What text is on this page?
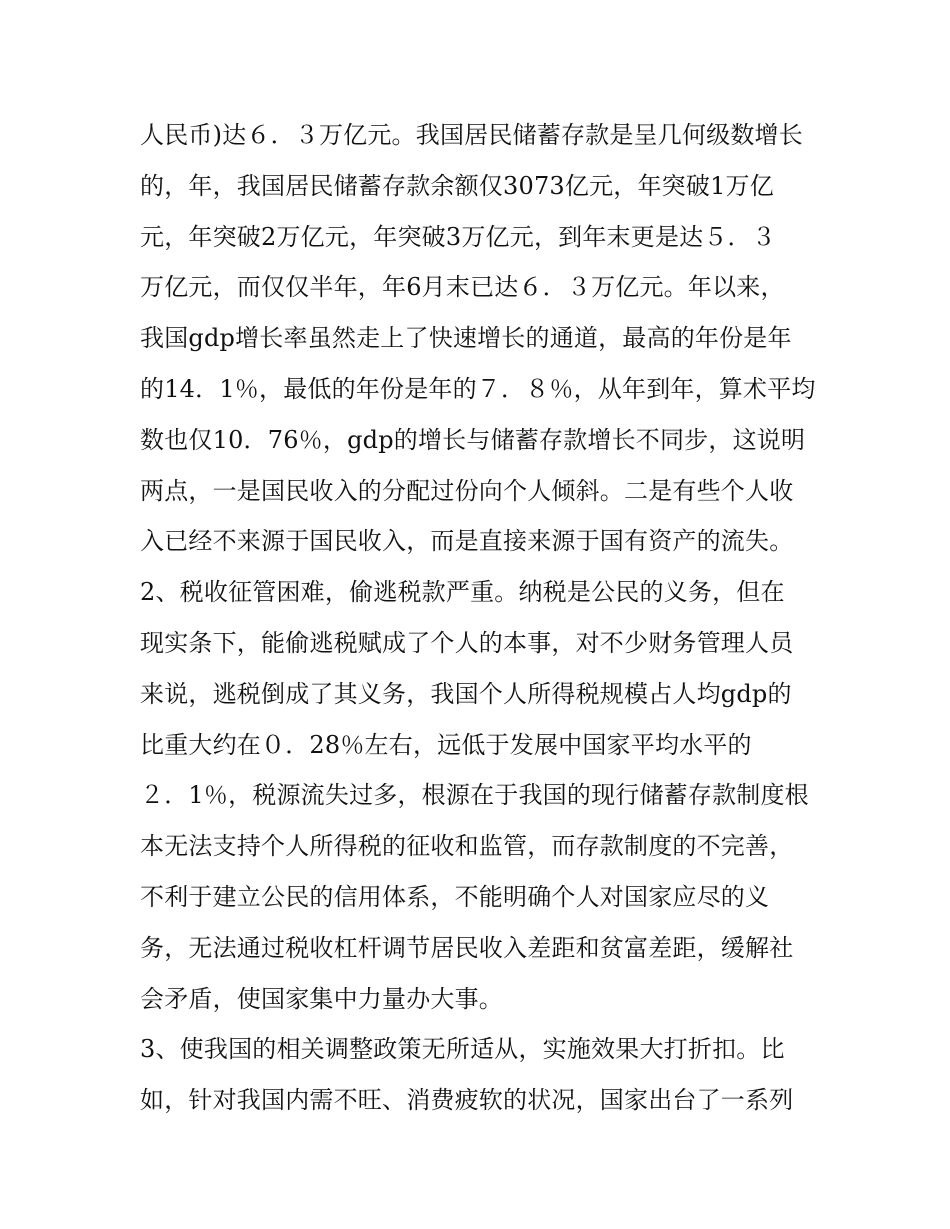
人民币)达６．３万亿元。我国居民储蓄存款是呈几何级数增长
的，年，我国居民储蓄存款余额仅3073亿元，年突破1万亿
元，年突破2万亿元，年突破3万亿元，到年末更是达５．３
万亿元，而仅仅半年，年6月末已达６．３万亿元。年以来，
我国gdp增长率虽然走上了快速增长的通道，最高的年份是年
的14．1％，最低的年份是年的７．８％，从年到年，算术平均
数也仅10．76％，gdp的增长与储蓄存款增长不同步，这说明
两点，一是国民收入的分配过份向个人倾斜。二是有些个人收
入已经不来源于国民收入，而是直接来源于国有资产的流失。
2、税收征管困难，偷逃税款严重。纳税是公民的义务，但在
现实条下，能偷逃税赋成了个人的本事，对不少财务管理人员
来说，逃税倒成了其义务，我国个人所得税规模占人均gdp的
比重大约在０．28％左右，远低于发展中国家平均水平的
２．1％，税源流失过多，根源在于我国的现行储蓄存款制度根
本无法支持个人所得税的征收和监管，而存款制度的不完善，
不利于建立公民的信用体系，不能明确个人对国家应尽的义
务，无法通过税收杠杆调节居民收入差距和贫富差距，缓解社
会矛盾，使国家集中力量办大事。
3、使我国的相关调整政策无所适从，实施效果大打折扣。比
如，针对我国内需不旺、消费疲软的状况，国家出台了一系列
